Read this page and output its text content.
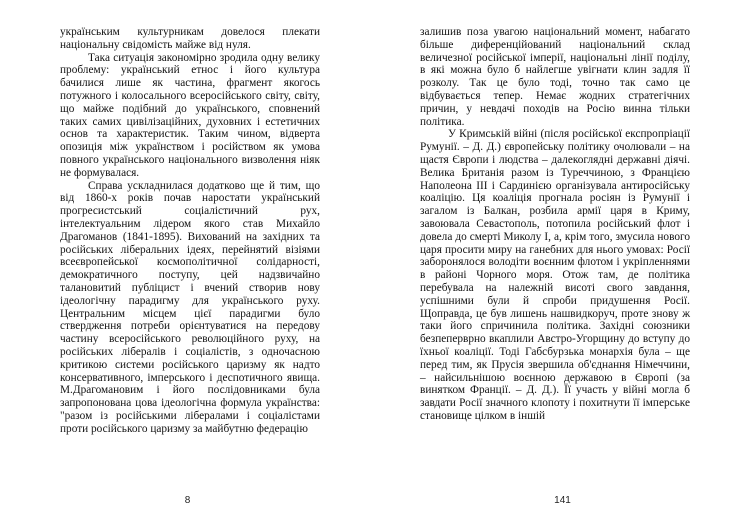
українським культурникам довелося плекати національну свідомість майже від нуля.

Така ситуація закономірно зродила одну велику проблему: український етнос і його культура бачилися лише як частина, фрагмент якогось потужного і колосального всеросійського світу, світу, що майже подібний до українського, сповнений таких самих цивілізаційних, духовних і естетичних основ та характеристик. Таким чином, відверта опозиція між українством і російством як умова повного українського національного визволення ніяк не формувалася.

Справа ускладнилася додатково ще й тим, що від 1860-х років почав наростати український прогресистський соціалістичний рух, інтелектуальним лідером якого став Михайло Драгоманов (1841-1895). Вихований на західних та російських ліберальних ідеях, перейнятий візіями всеєвропейської космополітичної солідарності, демократичного поступу, цей надзвичайно талановитий публіцист і вчений створив нову ідеологічну парадигму для українського руху. Центральним місцем цієї парадигми було ствердження потреби орієнтуватися на передову частину всеросійського революційного руху, на російських лібералів і соціалістів, з одночасною критикою системи російського царизму як надто консервативного, імперського і деспотичного явища. М.Драгомановим і його послідовниками була запропонована цова ідеологічна формула українства: "разом із російськими лібералами і соціалістами проти російського царизму за майбутню федерацію

8

залишив поза увагою національний момент, набагато більше диференційований національний склад величезної російської імперії, національні лінії поділу, в які можна було б найлегше увігнати клин задля її розколу. Так це було тоді, точно так само це відбувається тепер. Немає жодних стратегічних причин, у невдачі походів на Росію винна тільки політика.

У Кримській війні (після російської експропріації Румунії. – Д. Д.) європейську політику очолювали – на щастя Європи і людства – далекоглядні державні діячі. Велика Британія разом із Туреччиною, з Францією Наполеона III і Сардинією організувала антиросійську коаліцію. Ця коаліція прогнала росіян із Румунії і загалом із Балкан, розбила армії царя в Криму, завоювала Севастополь, потопила російський флот і довела до смерті Миколу I, а, крім того, змусила нового царя просити миру на ганебних для нього умовах: Росії заборонялося володіти воєнним флотом і укріпленнями в районі Чорного моря. Отож там, де політика перебувала на належній висоті свого завдання, успішними були й спроби придушення Росії. Щоправда, це був лишень нашвидкоруч, проте знову ж таки його спричинила політика. Західні союзники безпеперврно вкаплили Австро-Угорщину до вступу до їхньої коаліції. Тоді Габсбурзька монархія була – ще перед тим, як Прусія звершила об'єднання Німеччини, – найсильнішою воєнною державою в Європі (за винятком Франції. – Д. Д.). Її участь у війні могла б завдати Росії значного клопоту і похитнути її імперське становище цілком в іншій

141
